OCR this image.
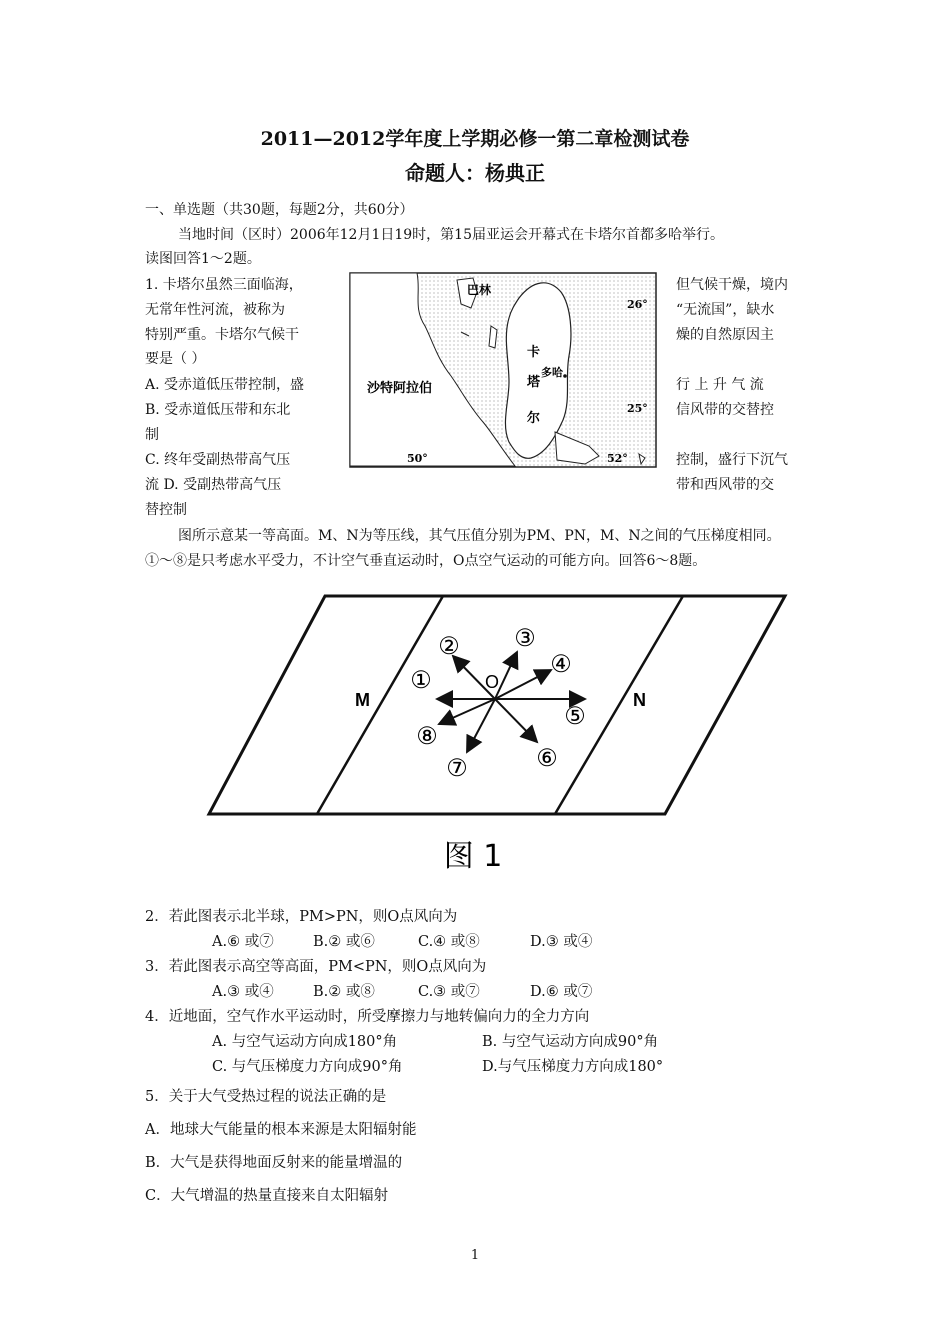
2011—2012学年度上学期必修一第二章检测试卷
命题人：杨典正
一、单选题（共30题，每题2分，共60分）
当地时间（区时）2006年12月1日19时，第15届亚运会开幕式在卡塔尔首都多哈举行。
读图回答1～2题。
1. 卡塔尔虽然三面临海，
无常年性河流，被称为
特别严重。卡塔尔气候干
要是（ ）
A. 受赤道低压带控制，盛
B. 受赤道低压带和东北
制
C. 终年受副热带高气压
流 D. 受副热带高气压
替控制
但气候干燥，境内
“无流国”，缺水
燥的自然原因主
行 上 升 气 流
信风带的交替控
控制，盛行下沉气
带和西风带的交
巴林
卡
塔
尔
多哈
沙特阿拉伯
26°
25°
50°	52°
图所示意某一等高面。M、N为等压线，其气压值分别为PM、PN，M、N之间的气压梯度相同。
①～⑧是只考虑水平受力，不计空气垂直运动时，O点空气运动的可能方向。回答6～8题。
M	N
O
①
② ③
④
⑤
⑥
⑦
⑧
图 1
2．若此图表示北半球，PM>PN，则O点风向为
A.⑥ 或⑦	B.② 或⑥	C.④ 或⑧	D.③ 或④
3．若此图表示高空等高面，PM<PN，则O点风向为
A.③ 或④	B.② 或⑧	C.③ 或⑦	D.⑥ 或⑦
4．近地面，空气作水平运动时，所受摩擦力与地转偏向力的全力方向
A. 与空气运动方向成180°角	B. 与空气运动方向成90°角
C. 与气压梯度力方向成90°角	D.与气压梯度力方向成180°
5．关于大气受热过程的说法正确的是
A．地球大气能量的根本来源是太阳辐射能
B．大气是获得地面反射来的能量增温的
C．大气增温的热量直接来自太阳辐射
1
